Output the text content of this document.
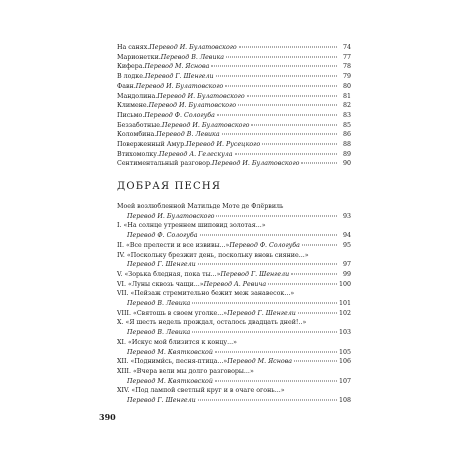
На санях. Перевод И. Булатовского	74
Марионетки. Перевод В. Левика	77
Кифера. Перевод М. Яснова	78
В лодке. Перевод Г. Шенгели	79
Фавн. Перевод И. Булатовского	80
Мандолина. Перевод И. Булатовского	81
Климене. Перевод И. Булатовского	82
Письмо. Перевод Ф. Сологуба	83
Беззаботные. Перевод И. Булатовского	85
Коломбина. Перевод В. Левика	86
Поверженный Амур. Перевод И. Русецкого	88
Втихомолку. Перевод А. Гелескула	89
Сентиментальный разговор. Перевод И. Булатовского	90
ДОБРАЯ ПЕСНЯ
Моей возлюбленной Матильде Моте де Флёрвиль
Перевод И. Булатовского	93
I. «На солнце утреннем шиповид золотая...»
Перевод Ф. Сологуба	94
II. «Все прелести и все извивы...» Перевод Ф. Сологуба	95
IV. «Поскольку брезжит день, поскольку вновь сияние...»
Перевод Г. Шенгели	97
V. «Зорька бледная, пока ты...» Перевод Г. Шенгели	99
VI. «Луны сквозь чащи...» Перевод А. Ревича	100
VII. «Пейзаж стремительно бежит меж занавесок...»
Перевод В. Левика	101
VIII. «Святошь в своем уголке...» Перевод Г. Шенгели	102
X. «Я шесть недель прождал, осталось двадцать дней!..»
Перевод В. Левика	103
XI. «Искус мой близится к концу...»
Перевод М. Квятковской	105
XII. «Подними́сь, песня-птица...» Перевод М. Яснова	106
XIII. «Вчера вели мы долго разговоры...»
Перевод М. Квятковской	107
XIV. «Под лампой светлый круг и в очаге огонь...»
Перевод Г. Шенгели	108
390
